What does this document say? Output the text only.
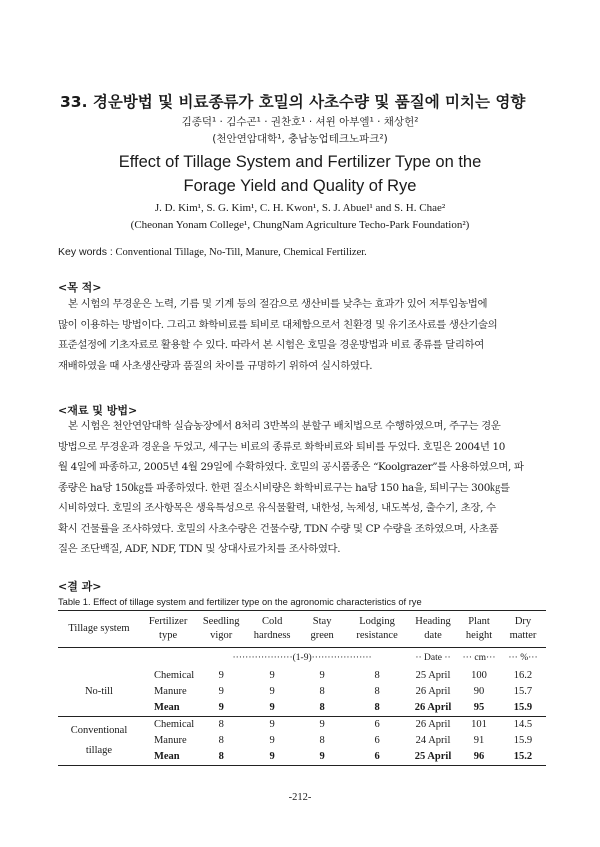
33. 경운방법 및 비료종류가 호밀의 사초수량 및 품질에 미치는 영향
김종덕¹ · 김수곤¹ · 권찬호¹ · 셔윈 아부엘¹ · 채상헌²
(천안연암대학¹, 충남농업테크노파크²)
Effect of Tillage System and Fertilizer Type on the
Forage Yield and Quality of Rye
J. D. Kim¹, S. G. Kim¹, C. H. Kwon¹, S. J. Abuel¹ and S. H. Chae²
(Cheonan Yonam College¹, ChungNam Agriculture Techo-Park Foundation²)
Key words : Conventional Tillage, No-Till, Manure, Chemical Fertilizer.
<목 적>
본 시험의 무경운은 노력, 기름 및 기계 등의 절감으로 생산비를 낮추는 효과가 있어 저투입농법에
많이 이용하는 방법이다. 그리고 화학비료를 퇴비로 대체함으로서 친환경 및 유기조사료를 생산기술의
표준설정에 기초자료로 활용할 수 있다. 따라서 본 시험은 호밀을 경운방법과 비료 종류를 달리하여
재배하였을 때 사초생산량과 품질의 차이를 규명하기 위하여 실시하였다.
<재료 및 방법>
본 시험은 천안연암대학 실습농장에서 8처리 3반복의 분할구 배치법으로 수행하였으며, 주구는 경운
방법으로 무경운과 경운을 두었고, 세구는 비료의 종류로 화학비료와 퇴비를 두었다. 호밀은 2004년 10
월 4일에 파종하고, 2005년 4월 29일에 수확하였다. 호밀의 공시품종은 “Koolgrazer”를 사용하였으며, 파
종량은 ha당 150㎏를 파종하였다. 한편 질소시비량은 화학비료구는 ha당 150 ha을, 퇴비구는 300㎏를
시비하였다. 호밀의 조사항목은 생육특성으로 유식물활력, 내한성, 녹체성, 내도복성, 출수기, 초장, 수
확시 건물률을 조사하였다. 호밀의 사초수량은 건물수량, TDN 수량 및 CP 수량을 조하였으며, 사초품
질은 조단백질, ADF, NDF, TDN 및 상대사료가치를 조사하였다.
<결 과>
Table 1. Effect of tillage system and fertilizer type on the agronomic characteristics of rye
Tillage system	Fertilizer type	Seedling vigor	Cold hardness	Stay green	Lodging resistance	Heading date	Plant height	Dry matter
		···················(1-9)···················				·· Date ··	··· cm···	··· %···
No-till	Chemical	9	9	9	8	25 April	100	16.2
	Manure	9	9	8	8	26 April	90	15.7
	Mean	9	9	8	8	26 April	95	15.9
Conventional
tillage	Chemical	8	9	9	6	26 April	101	14.5
	Manure	8	9	8	6	24 April	91	15.9
	Mean	8	9	9	6	25 April	96	15.2
-212-
